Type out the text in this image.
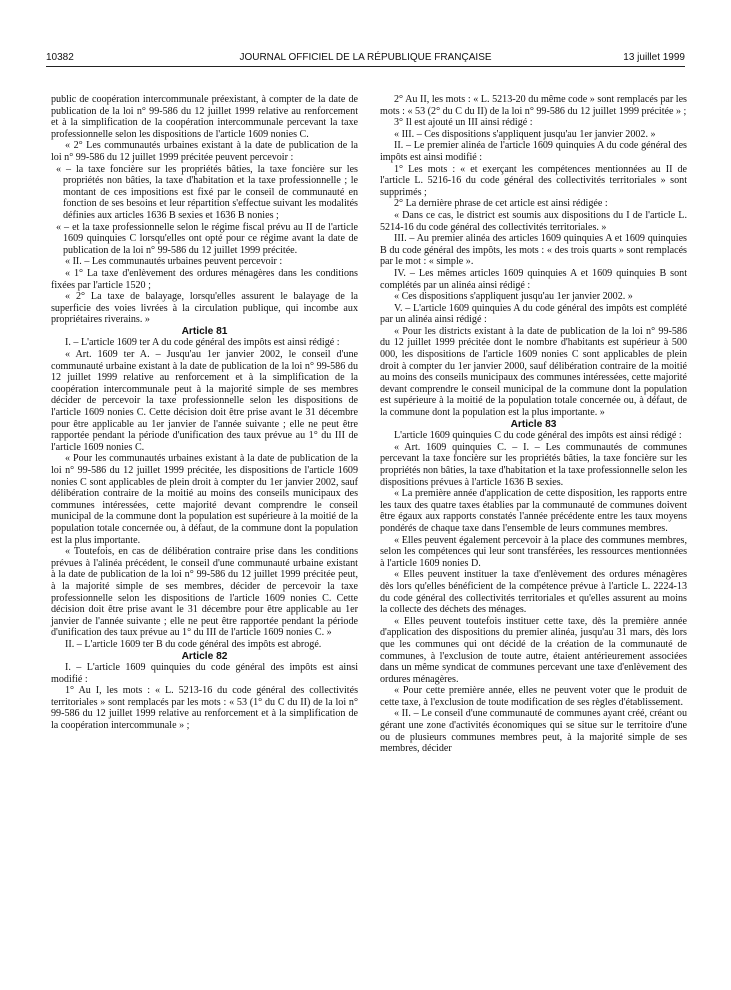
10382	JOURNAL OFFICIEL DE LA RÉPUBLIQUE FRANÇAISE	13 juillet 1999

public de coopération intercommunale préexistant, à compter de la date de publication de la loi n° 99-586 du 12 juillet 1999 relative au renforcement et à la simplification de la coopération intercommunale percevant la taxe professionnelle selon les dispositions de l'article 1609 nonies C.

« 2° Les communautés urbaines existant à la date de publication de la loi n° 99-586 du 12 juillet 1999 précitée peuvent percevoir :

« – la taxe foncière sur les propriétés bâties, la taxe foncière sur les propriétés non bâties, la taxe d'habitation et la taxe professionnelle ; le montant de ces impositions est fixé par le conseil de communauté en fonction de ses besoins et leur répartition s'effectue suivant les modalités définies aux articles 1636 B sexies et 1636 B nonies ;

« – et la taxe professionnelle selon le régime fiscal prévu au II de l'article 1609 quinquies C lorsqu'elles ont opté pour ce régime avant la date de publication de la loi n° 99-586 du 12 juillet 1999 précitée.

« II. – Les communautés urbaines peuvent percevoir :

« 1° La taxe d'enlèvement des ordures ménagères dans les conditions fixées par l'article 1520 ;

« 2° La taxe de balayage, lorsqu'elles assurent le balayage de la superficie des voies livrées à la circulation publique, qui incombe aux propriétaires riverains. »

Article 81

I. – L'article 1609 ter A du code général des impôts est ainsi rédigé :

« Art. 1609 ter A. – Jusqu'au 1er janvier 2002, le conseil d'une communauté urbaine existant à la date de publication de la loi n° 99-586 du 12 juillet 1999 relative au renforcement et à la simplification de la coopération intercommunale peut à la majorité simple de ses membres décider de percevoir la taxe professionnelle selon les dispositions de l'article 1609 nonies C. Cette décision doit être prise avant le 31 décembre pour être applicable au 1er janvier de l'année suivante ; elle ne peut être rapportée pendant la période d'unification des taux prévue au 1° du III de l'article 1609 nonies C.

« Pour les communautés urbaines existant à la date de publication de la loi n° 99-586 du 12 juillet 1999 précitée, les dispositions de l'article 1609 nonies C sont applicables de plein droit à compter du 1er janvier 2002, sauf délibération contraire de la moitié au moins des conseils municipaux des communes intéressées, cette majorité devant comprendre le conseil municipal de la commune dont la population est supérieure à la moitié de la population totale concernée ou, à défaut, de la commune dont la population est la plus importante.

« Toutefois, en cas de délibération contraire prise dans les conditions prévues à l'alinéa précédent, le conseil d'une communauté urbaine existant à la date de publication de la loi n° 99-586 du 12 juillet 1999 précitée peut, à la majorité simple de ses membres, décider de percevoir la taxe professionnelle selon les dispositions de l'article 1609 nonies C. Cette décision doit être prise avant le 31 décembre pour être applicable au 1er janvier de l'année suivante ; elle ne peut être rapportée pendant la période d'unification des taux prévue au 1° du III de l'article 1609 nonies C. »

II. – L'article 1609 ter B du code général des impôts est abrogé.

Article 82

I. – L'article 1609 quinquies du code général des impôts est ainsi modifié :

1° Au I, les mots : « L. 5213-16 du code général des collectivités territoriales » sont remplacés par les mots : « 53 (1° du C du II) de la loi n° 99-586 du 12 juillet 1999 relative au renforcement et à la simplification de la coopération intercommunale » ;

2° Au II, les mots : « L. 5213-20 du même code » sont remplacés par les mots : « 53 (2° du C du II) de la loi n° 99-586 du 12 juillet 1999 précitée » ;

3° Il est ajouté un III ainsi rédigé :

« III. – Ces dispositions s'appliquent jusqu'au 1er janvier 2002. »

II. – Le premier alinéa de l'article 1609 quinquies A du code général des impôts est ainsi modifié :

1° Les mots : « et exerçant les compétences mentionnées au II de l'article L. 5216-16 du code général des collectivités territoriales » sont supprimés ;

2° La dernière phrase de cet article est ainsi rédigée :

« Dans ce cas, le district est soumis aux dispositions du I de l'article L. 5214-16 du code général des collectivités territoriales. »

III. – Au premier alinéa des articles 1609 quinquies A et 1609 quinquies B du code général des impôts, les mots : « des trois quarts » sont remplacés par le mot : « simple ».

IV. – Les mêmes articles 1609 quinquies A et 1609 quinquies B sont complétés par un alinéa ainsi rédigé :

« Ces dispositions s'appliquent jusqu'au 1er janvier 2002. »

V. – L'article 1609 quinquies A du code général des impôts est complété par un alinéa ainsi rédigé :

« Pour les districts existant à la date de publication de la loi n° 99-586 du 12 juillet 1999 précitée dont le nombre d'habitants est supérieur à 500 000, les dispositions de l'article 1609 nonies C sont applicables de plein droit à compter du 1er janvier 2000, sauf délibération contraire de la moitié au moins des conseils municipaux des communes intéressées, cette majorité devant comprendre le conseil municipal de la commune dont la population est supérieure à la moitié de la population totale concernée ou, à défaut, de la commune dont la population est la plus importante. »

Article 83

L'article 1609 quinquies C du code général des impôts est ainsi rédigé :

« Art. 1609 quinquies C. – I. – Les communautés de communes percevant la taxe foncière sur les propriétés bâties, la taxe foncière sur les propriétés non bâties, la taxe d'habitation et la taxe professionnelle selon les dispositions prévues à l'article 1636 B sexies.

« La première année d'application de cette disposition, les rapports entre les taux des quatre taxes établies par la communauté de communes doivent être égaux aux rapports constatés l'année précédente entre les taux moyens pondérés de chaque taxe dans l'ensemble de leurs communes membres.

« Elles peuvent également percevoir à la place des communes membres, selon les compétences qui leur sont transférées, les ressources mentionnées à l'article 1609 nonies D.

« Elles peuvent instituer la taxe d'enlèvement des ordures ménagères dès lors qu'elles bénéficient de la compétence prévue à l'article L. 2224-13 du code général des collectivités territoriales et qu'elles assurent au moins la collecte des déchets des ménages.

« Elles peuvent toutefois instituer cette taxe, dès la première année d'application des dispositions du premier alinéa, jusqu'au 31 mars, dès lors que les communes qui ont décidé de la création de la communauté de communes, à l'exclusion de toute autre, étaient antérieurement associées dans un même syndicat de communes percevant une taxe d'enlèvement des ordures ménagères.

« Pour cette première année, elles ne peuvent voter que le produit de cette taxe, à l'exclusion de toute modification de ses règles d'établissement.

« II. – Le conseil d'une communauté de communes ayant créé, créant ou gérant une zone d'activités économiques qui se situe sur le territoire d'une ou de plusieurs communes membres peut, à la majorité simple de ses membres, décider
